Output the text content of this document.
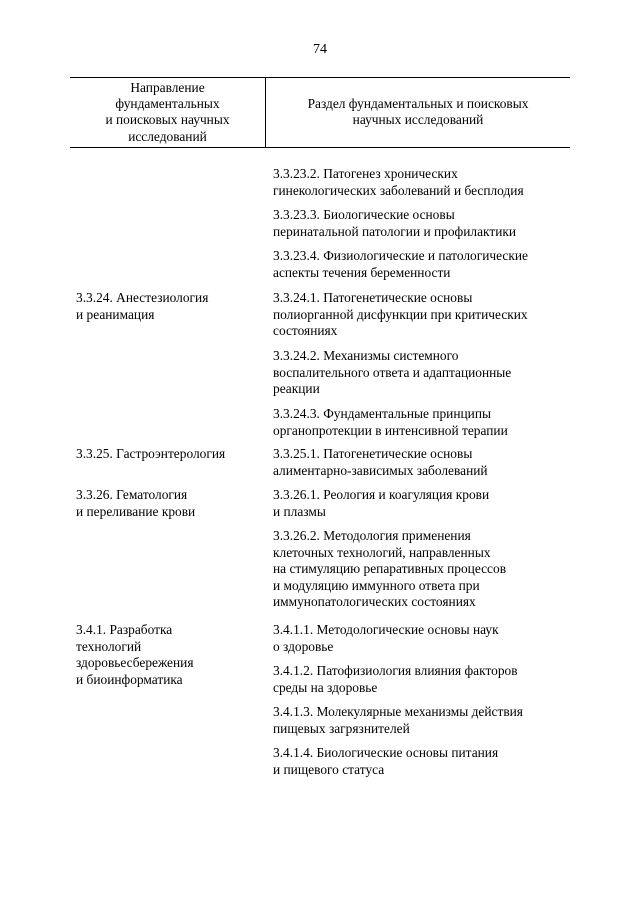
74
Направление
фундаментальных
и поисковых научных
исследований
Раздел фундаментальных и поисковых
научных исследований
3.3.24. Анестезиология
и реанимация
3.3.25. Гастроэнтерология
3.3.26. Гематология
и переливание крови
3.4.1. Разработка
технологий
здоровьесбережения
и биоинформатика
3.3.23.2. Патогенез хронических
гинекологических заболеваний и бесплодия
3.3.23.3. Биологические основы
перинатальной патологии и профилактики
3.3.23.4. Физиологические и патологические
аспекты течения беременности
3.3.24.1. Патогенетические основы
полиорганной дисфункции при критических
состояниях
3.3.24.2. Механизмы системного
воспалительного ответа и адаптационные
реакции
3.3.24.3. Фундаментальные принципы
органопротекции в интенсивной терапии
3.3.25.1. Патогенетические основы
алиментарно-зависимых заболеваний
3.3.26.1. Реология и коагуляция крови
и плазмы
3.3.26.2. Методология применения
клеточных технологий, направленных
на стимуляцию репаративных процессов
и модуляцию иммунного ответа при
иммунопатологических состояниях
3.4.1.1. Методологические основы наук
о здоровье
3.4.1.2. Патофизиология влияния факторов
среды на здоровье
3.4.1.3. Молекулярные механизмы действия
пищевых загрязнителей
3.4.1.4. Биологические основы питания
и пищевого статуса
